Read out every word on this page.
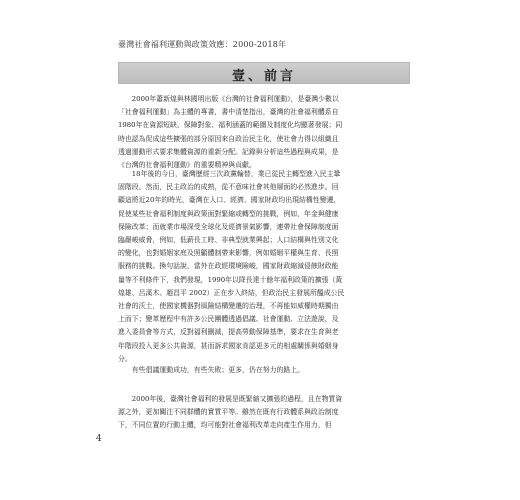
臺灣社會福利運動與政策效應：2000-2018年
壹、前言
2000年蕭新煌與林國明出版《台灣的社會福利運動》，是臺灣少數以
「社會福利運動」為主體的專書，書中清楚指出，臺灣的社會福利體系自
1980年在資源短缺、保障對象、福利涵蓋的範圍及制度化均顯著發展；同
時也認為促成這些擴張的部分原因來自政治民主化，使社會力得以組織且
透過運動形式要求集體資源的重新分配。記錄與分析這些過程與成果，是
《台灣的社會福利運動》的重要精神與貢獻。
18年後的今日，臺灣歷經三次政黨輪替，業已從民主轉型進入民主鞏
固階段。然而，民主政治的成熟，從不意味社會其他層面的必然進步。回
顧這將近20年的時光，臺灣在人口、經濟、國家財政均出現結構性變遷，
促使某些社會福利制度與政策面對緊縮或轉型的挑戰，例如，年金與健康
保險改革；而就業市場深受全球化及經濟景氣影響，連帶社會保障制度面
臨嚴峻威脅，例如，低薪長工時、非典型就業興起；人口結構與性別文化
的變化，也對婚姻家庭及照顧體制帶來影響，例如婚姻平權與生育、長照
服務的挑戰。換句話說，當外在政經環境險峻，國家財政縮減侵蝕財政能
量等不利條件下，我們發現，1990年以降長達十餘年福利政策的擴張（黃
煌雄、呂溪木、趙昌平 2002）正在步入終結，但政治民主發展所醞成公民
社會的沃土，使國家機器對風險結構變遷的治理，不再能如威權時期獨由
上而下；變革歷程中有許多公民團體透過倡議、社會運動、立法遊說，及
進入委員會等方式，反對福利刪減，提高勞動保障基準，要求在生育與老
年階段投入更多公共資源，甚而訴求國家肯認更多元的相處關係與婚姻身
分。
有些倡議運動成功，有些失敗；更多，仍在努力的路上。
2000年後，臺灣社會福利的發展是既緊縮又擴張的過程，且在物質資
源之外，更加關注不同群體的實質平等。雖然在既有行政體系與政治制度
下，不同位置的行動主體，均可能對社會福利改革走向產生作用力，但
4
